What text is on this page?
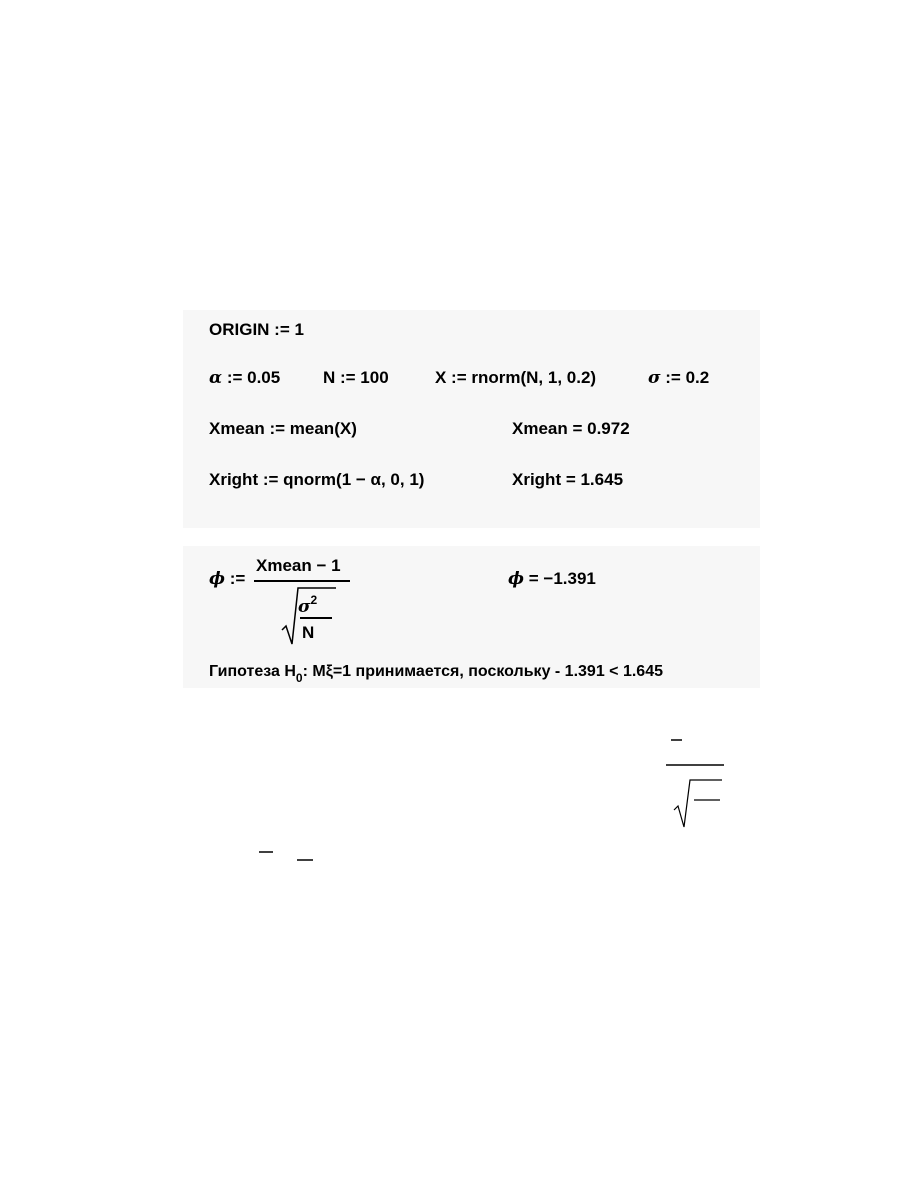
ORIGIN := 1
α := 0.05	N := 100	X := rnorm(N, 1, 0.2)	σ := 0.2
Xmean := mean(X)	Xmean = 0.972
Xright := qnorm(1 − α, 0, 1)	Xright = 1.645
ϕ :=
Xmean − 1
$\sigma^2$
N
ϕ = −1.391
Гипотеза $H_0$: Mξ=1 принимается, поскольку - 1.391 < 1.645
